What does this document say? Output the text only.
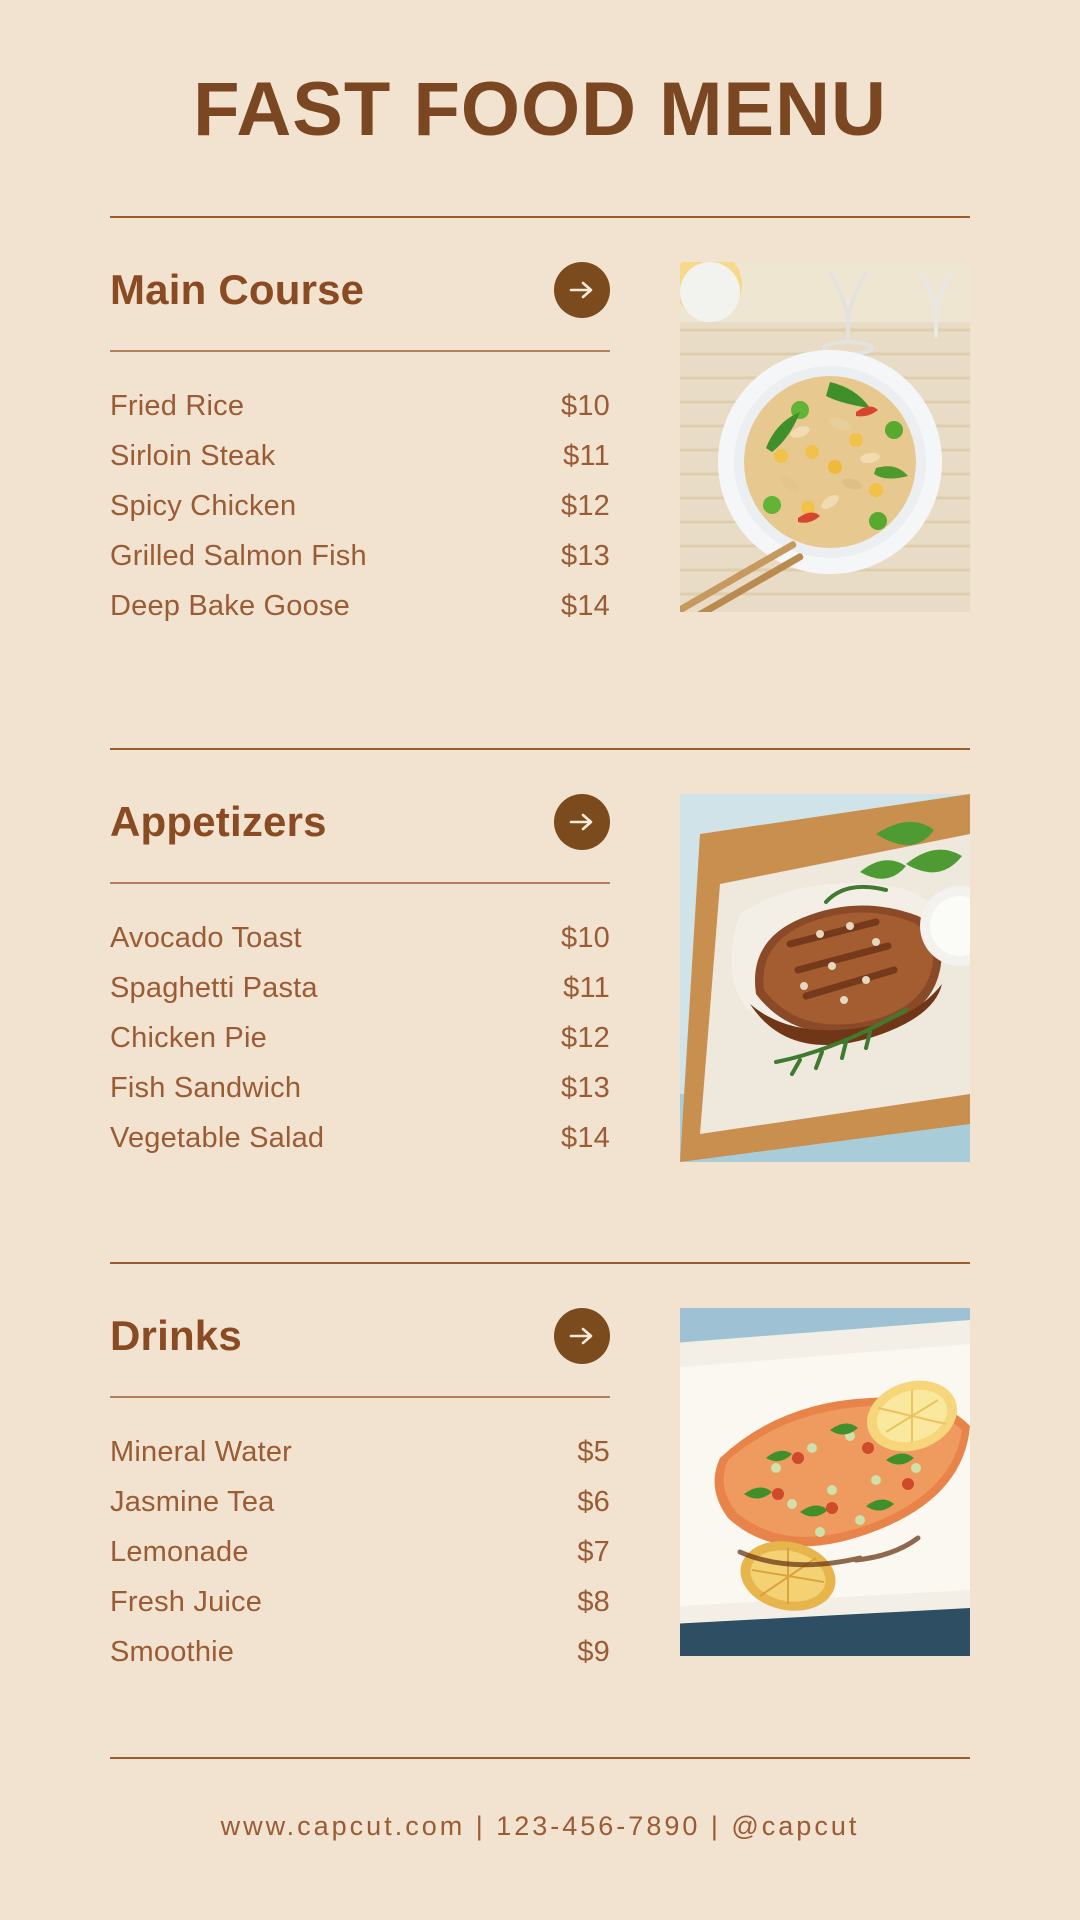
FAST FOOD MENU
Main Course
Fried Rice	$10
Sirloin Steak	$11
Spicy Chicken	$12
Grilled Salmon Fish	$13
Deep Bake Goose	$14
Appetizers
Avocado Toast	$10
Spaghetti Pasta	$11
Chicken Pie	$12
Fish Sandwich	$13
Vegetable Salad	$14
Drinks
Mineral Water	$5
Jasmine Tea	$6
Lemonade	$7
Fresh Juice	$8
Smoothie	$9
www.capcut.com | 123-456-7890 | @capcut
